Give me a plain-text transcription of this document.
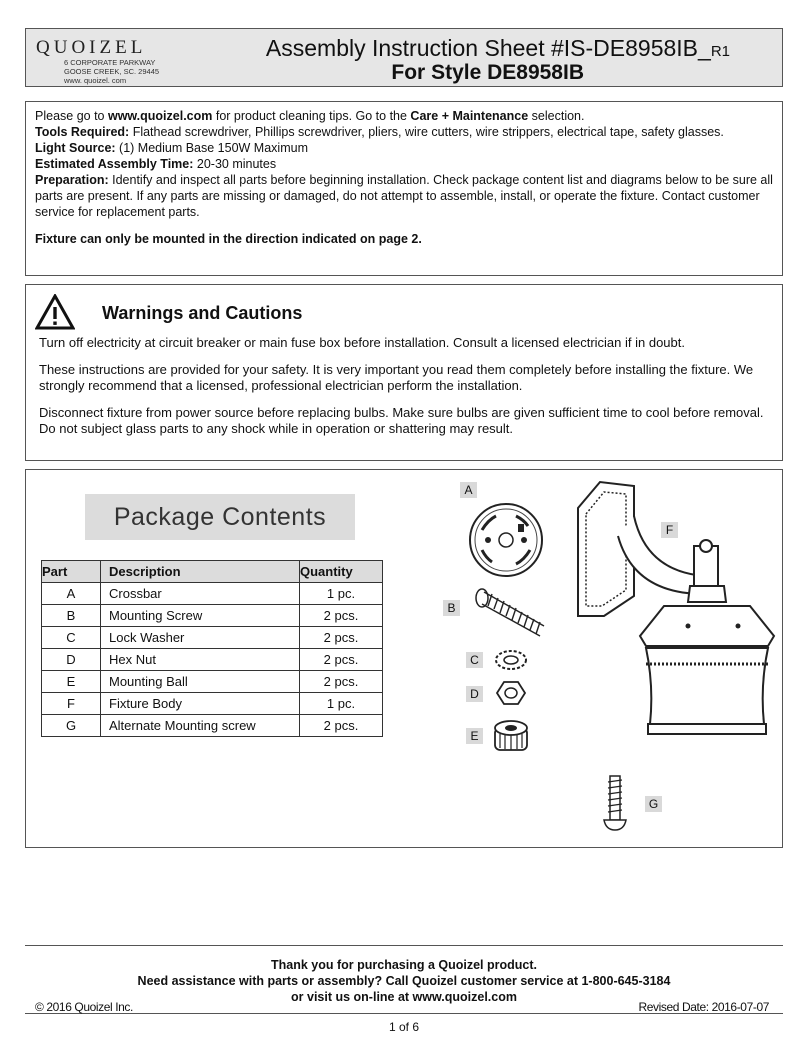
QUOIZEL
6 CORPORATE PARKWAY
GOOSE CREEK, SC. 29445
www. quoizel. com
Assembly Instruction Sheet #IS-DE8958IB_R1
For Style DE8958IB

Please go to www.quoizel.com for product cleaning tips. Go to the Care + Maintenance selection.

Tools Required: Flathead screwdriver, Phillips screwdriver, pliers, wire cutters, wire strippers, electrical tape, safety glasses.

Light Source: (1) Medium Base 150W Maximum

Estimated Assembly Time: 20-30 minutes

Preparation: Identify and inspect all parts before beginning installation. Check package content list and diagrams below to be sure all parts are present. If any parts are missing or damaged, do not attempt to assemble, install, or operate the fixture. Contact customer service for replacement parts.

Fixture can only be mounted in the direction indicated on page 2.

Warnings and Cautions

Turn off electricity at circuit breaker or main fuse box before installation. Consult a licensed electrician if in doubt.

These instructions are provided for your safety. It is very important you read them completely before installing the fixture. We strongly recommend that a licensed, professional electrician perform the installation.

Disconnect fixture from power source before replacing bulbs. Make sure bulbs are given sufficient time to cool before removal. Do not subject glass parts to any shock while in operation or shattering may result.

Package Contents
Part	Description	Quantity
A	Crossbar	1 pc.
B	Mounting Screw	2 pcs.
C	Lock Washer	2 pcs.
D	Hex Nut	2 pcs.
E	Mounting Ball	2 pcs.
F	Fixture Body	1 pc.
G	Alternate Mounting screw	2 pcs.
A
B
C
D
E
F
G
Thank you for purchasing a Quoizel product.
Need assistance with parts or assembly? Call Quoizel customer service at 1-800-645-3184
or visit us on-line at www.quoizel.com
© 2016 Quoizel Inc.	Revised Date: 2016-07-07
1 of 6
